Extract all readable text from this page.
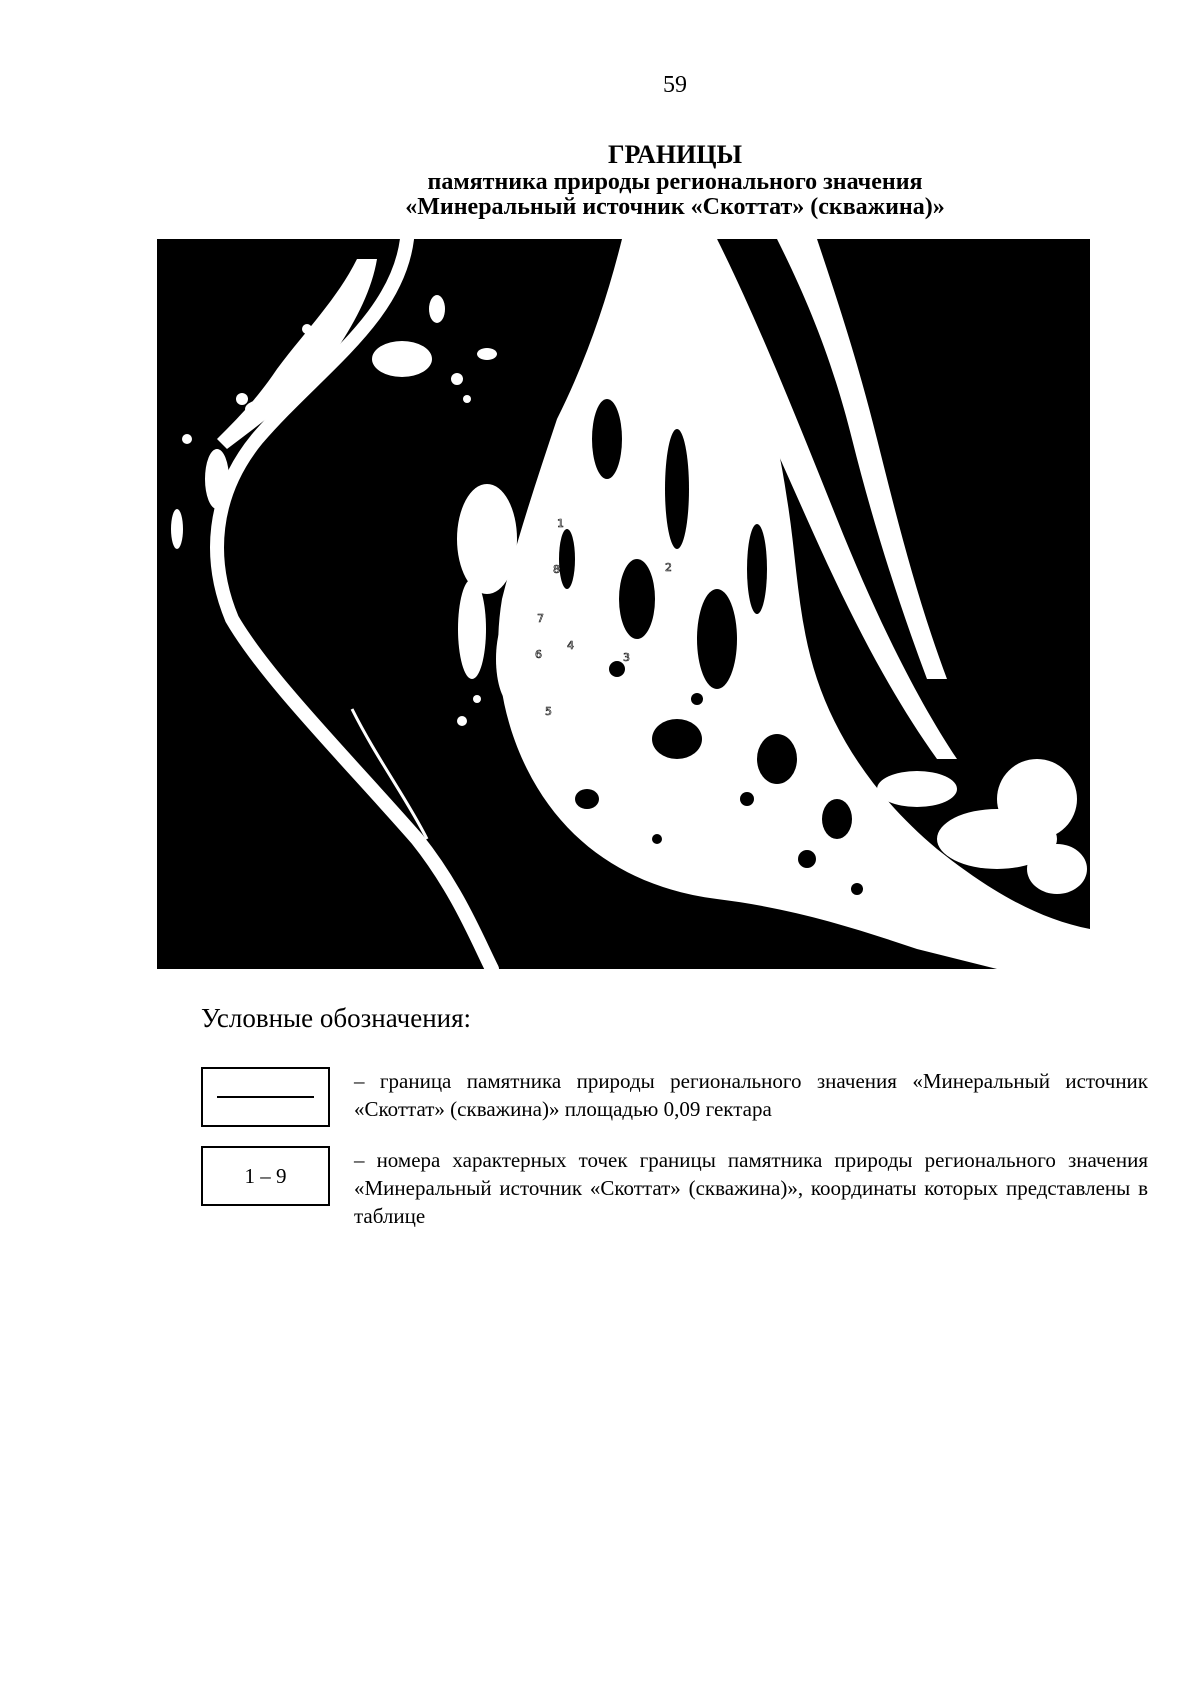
59
ГРАНИЦЫ
памятника природы регионального значения
«Минеральный источник «Скоттат» (скважина)»
1
2
3
4
5
6
7
8
Условные обозначения:
– граница памятника природы регионального значения «Минеральный источник «Скоттат» (скважина)» площадью 0,09 гектара
1 – 9
– номера характерных точек границы памятника природы регионального значения «Минеральный источник «Скоттат» (скважина)», координаты которых представлены в таблице
